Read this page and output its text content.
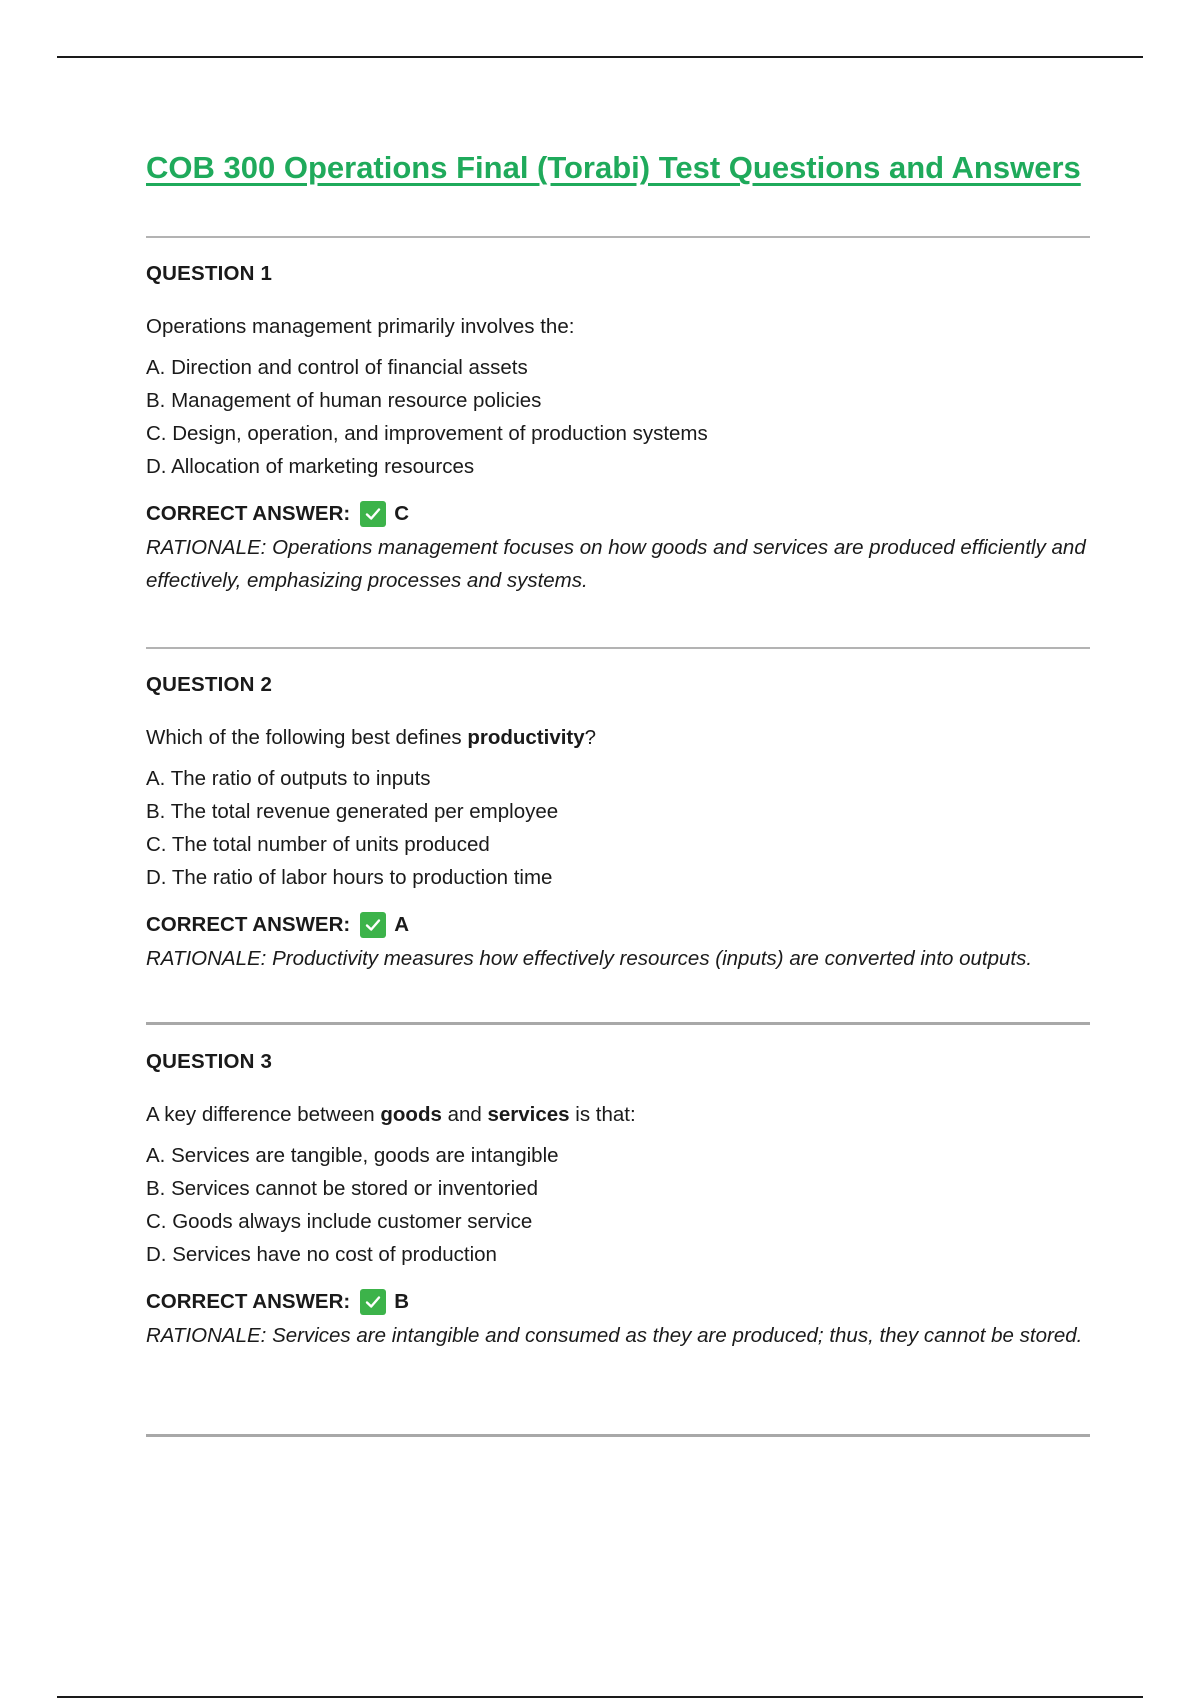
COB 300 Operations Final (Torabi) Test Questions and Answers
QUESTION 1
Operations management primarily involves the:
A. Direction and control of financial assets
B. Management of human resource policies
C. Design, operation, and improvement of production systems
D. Allocation of marketing resources
CORRECT ANSWER: C
RATIONALE: Operations management focuses on how goods and services are produced efficiently and effectively, emphasizing processes and systems.
QUESTION 2
Which of the following best defines productivity?
A. The ratio of outputs to inputs
B. The total revenue generated per employee
C. The total number of units produced
D. The ratio of labor hours to production time
CORRECT ANSWER: A
RATIONALE: Productivity measures how effectively resources (inputs) are converted into outputs.
QUESTION 3
A key difference between goods and services is that:
A. Services are tangible, goods are intangible
B. Services cannot be stored or inventoried
C. Goods always include customer service
D. Services have no cost of production
CORRECT ANSWER: B
RATIONALE: Services are intangible and consumed as they are produced; thus, they cannot be stored.
